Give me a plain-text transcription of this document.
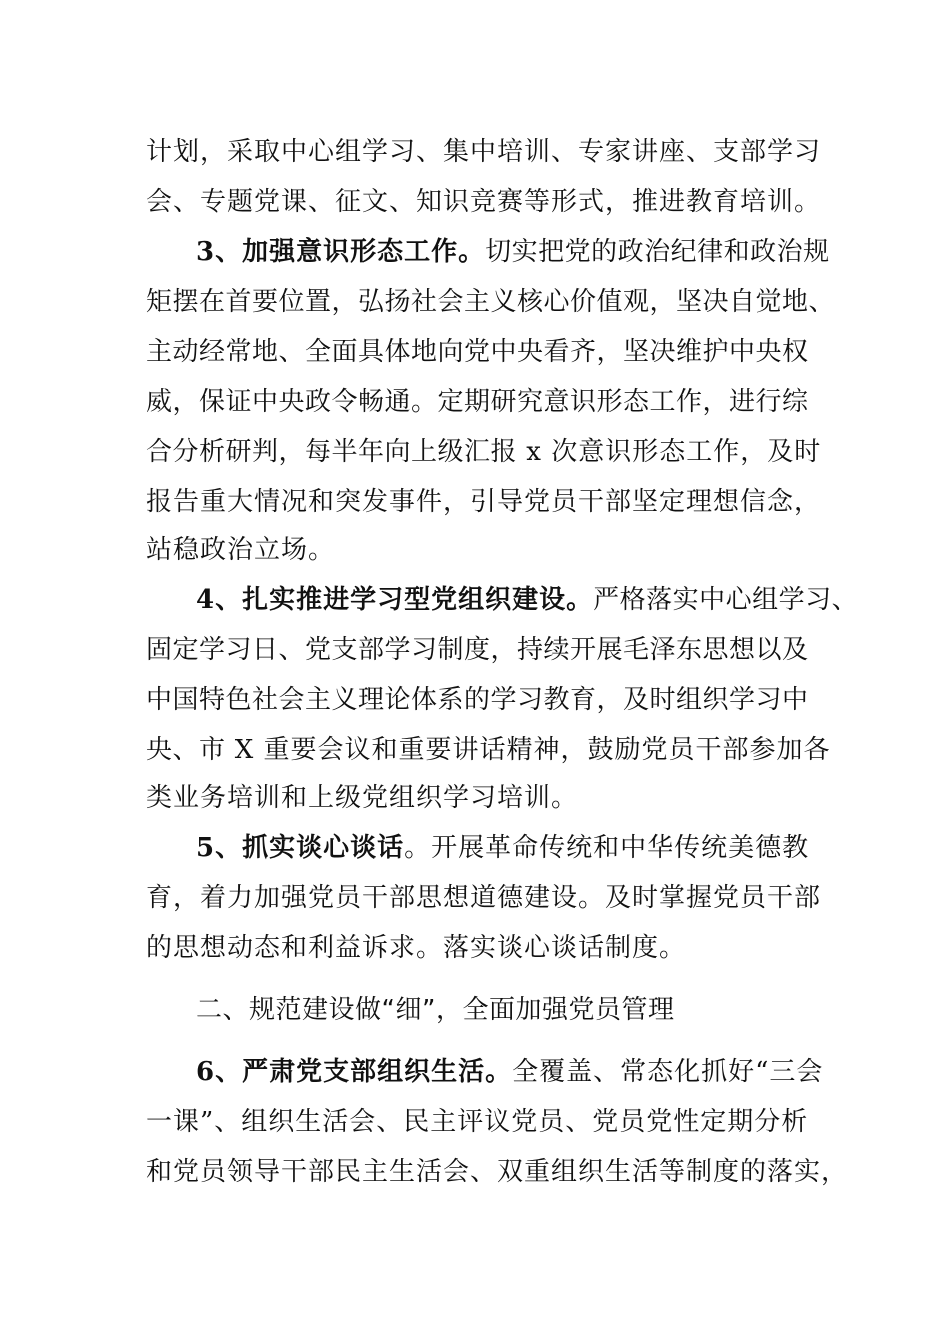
计划，采取中心组学习、集中培训、专家讲座、支部学习
会、专题党课、征文、知识竞赛等形式，推进教育培训。
3、加强意识形态工作。切实把党的政治纪律和政治规
矩摆在首要位置，弘扬社会主义核心价值观，坚决自觉地、
主动经常地、全面具体地向党中央看齐，坚决维护中央权
威，保证中央政令畅通。定期研究意识形态工作，进行综
合分析研判，每半年向上级汇报 x 次意识形态工作，及时
报告重大情况和突发事件，引导党员干部坚定理想信念，
站稳政治立场。
4、扎实推进学习型党组织建设。严格落实中心组学习、
固定学习日、党支部学习制度，持续开展毛泽东思想以及
中国特色社会主义理论体系的学习教育，及时组织学习中
央、市 X 重要会议和重要讲话精神，鼓励党员干部参加各
类业务培训和上级党组织学习培训。
5、抓实谈心谈话。开展革命传统和中华传统美德教
育，着力加强党员干部思想道德建设。及时掌握党员干部
的思想动态和利益诉求。落实谈心谈话制度。
二、规范建设做“细”，全面加强党员管理
6、严肃党支部组织生活。全覆盖、常态化抓好“三会
一课”、组织生活会、民主评议党员、党员党性定期分析
和党员领导干部民主生活会、双重组织生活等制度的落实，
